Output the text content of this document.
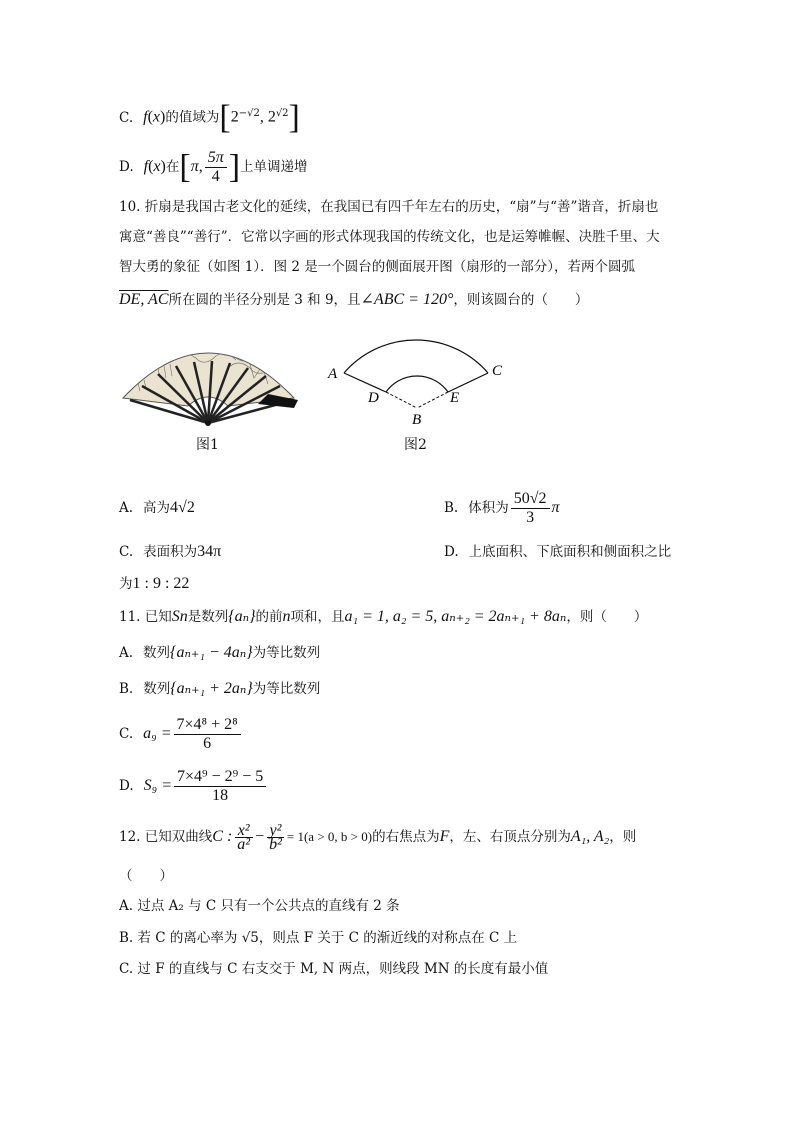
C. f(x)的值域为[$2^{-√2}$, $2^{√2}$]
D. f(x)在[π, $\frac{5\pi}{4}$ ]上单调递增
10. 折扇是我国古老文化的延续，在我国已有四千年左右的历史，“扇”与“善”谐音，折扇也
寓意“善良”“善行”．它常以字画的形式体现我国的传统文化，也是运筹帷幄、决胜千里、大
智大勇的象征（如图 1）．图 2 是一个圆台的侧面展开图（扇形的一部分），若两个圆弧
DE, AC所在圆的半径分别是 3 和 9，且∠ABC = 120°，则该圆台的（　　）
图1
A	C
D	E
B
图2
A. 高为4√2	B. 体积为 $\frac{50√2}{3}$ π
C. 表面积为34π	D. 上底面积、下底面积和侧面积之比
为1 : 9 : 22
11. 已知Sn是数列{aₙ}的前n项和，且a₁ = 1, a₂ = 5, aₙ₊₂ = 2aₙ₊₁ + 8aₙ，则（　　）
A. 数列{aₙ₊₁ − 4aₙ}为等比数列
B. 数列{aₙ₊₁ + 2aₙ}为等比数列
C. $a_9 = \frac{\text{7×4⁸ + 2⁸}}{6}$
D. $S_9 = \frac{\text{7×4⁹ − 2⁹ − 5}}{18}$
12. 已知双曲线C : $\frac{\text{x²}}{\text{a²}} - \frac{\text{y²}}{\text{b²}} = 1(a > 0$, b > 0)的右焦点为F，左、右顶点分别为A₁, A₂，则
（　　）
A. 过点 A₂ 与 C 只有一个公共点的直线有 2 条
B. 若 C 的离心率为 √5，则点 F 关于 C 的渐近线的对称点在 C 上
C. 过 F 的直线与 C 右支交于 M, N 两点，则线段 MN 的长度有最小值
